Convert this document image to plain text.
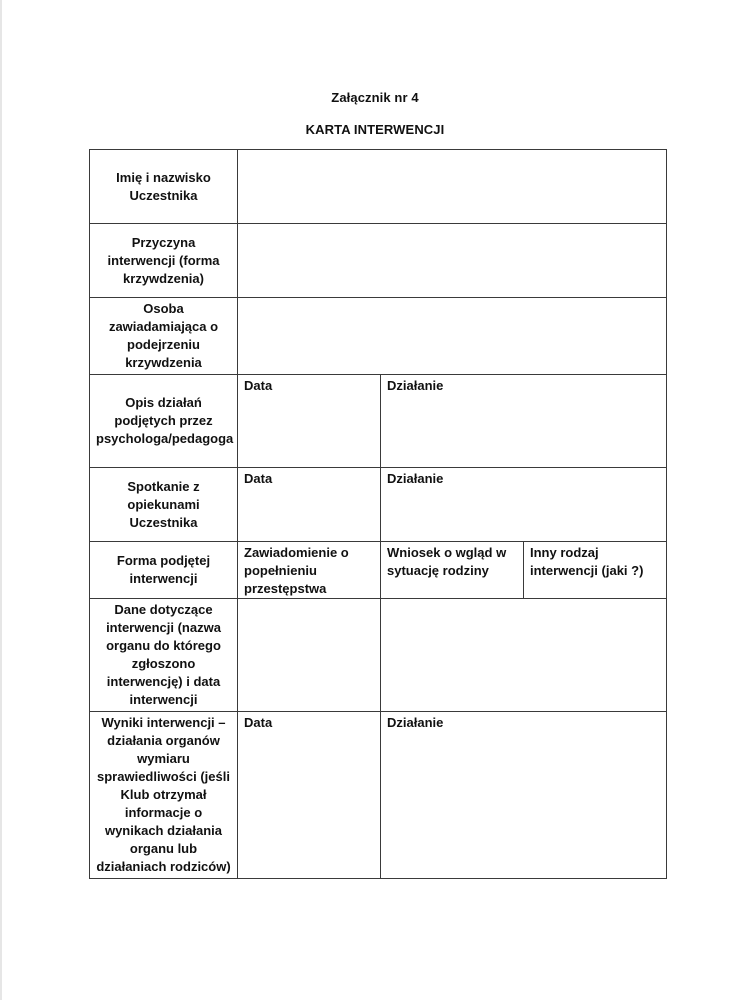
Załącznik nr 4
KARTA INTERWENCJI
Imię i nazwisko Uczestnika			
Przyczyna interwencji (forma krzywdzenia)			
Osoba zawiadamiająca o podejrzeniu krzywdzenia			
Opis działań podjętych przez psychologa/pedagoga	Data	Działanie	
Spotkanie z opiekunami Uczestnika	Data	Działanie	
Forma podjętej interwencji	Zawiadomienie o popełnieniu przestępstwa	Wniosek o wgląd w sytuację rodziny	Inny rodzaj interwencji (jaki ?)
Dane dotyczące interwencji (nazwa organu do którego zgłoszono interwencję) i data interwencji			
Wyniki interwencji – działania organów wymiaru sprawiedliwości (jeśli Klub otrzymał informacje o wynikach działania organu lub działaniach rodziców)	Data	Działanie	
